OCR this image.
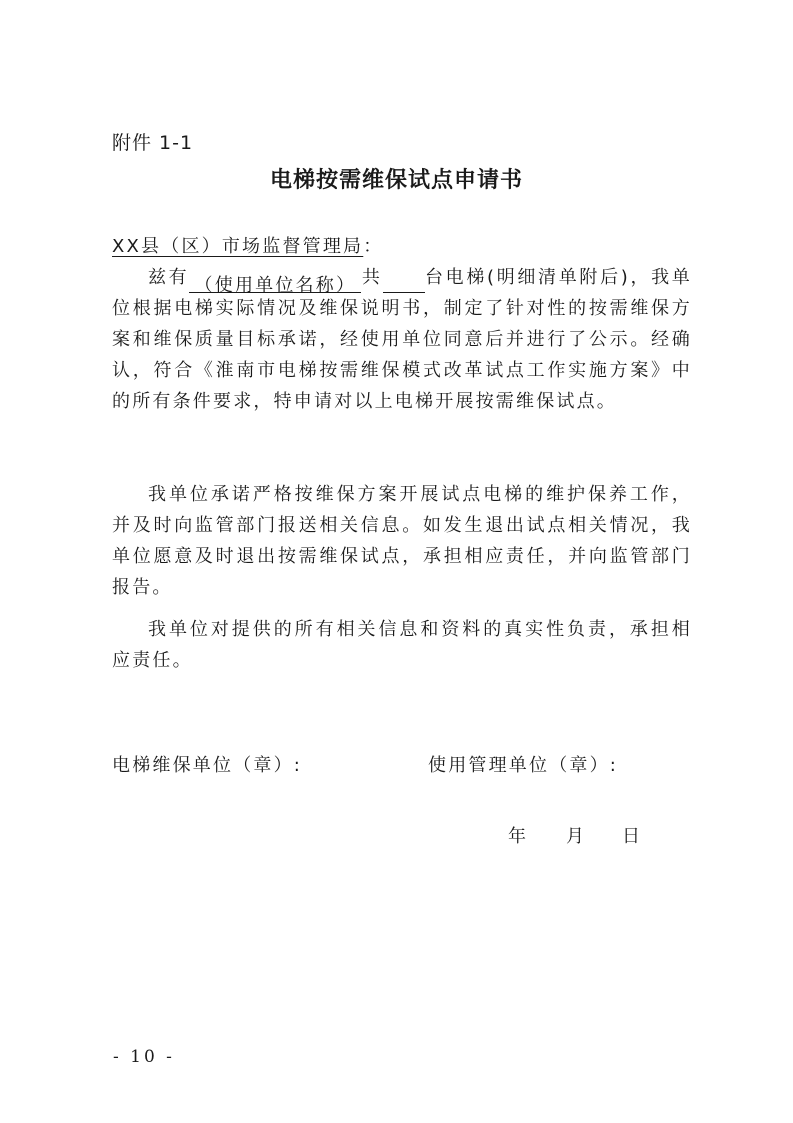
附件 1-1
电梯按需维保试点申请书
XX县（区）市场监督管理局：

兹有 （使用单位名称） 共 台电梯(明细清单附后)，我单位根据电梯实际情况及维保说明书，制定了针对性的按需维保方案和维保质量目标承诺，经使用单位同意后并进行了公示。经确认，符合《淮南市电梯按需维保模式改革试点工作实施方案》中的所有条件要求，特申请对以上电梯开展按需维保试点。

我单位承诺严格按维保方案开展试点电梯的维护保养工作，并及时向监管部门报送相关信息。如发生退出试点相关情况，我单位愿意及时退出按需维保试点，承担相应责任，并向监管部门报告。

我单位对提供的所有相关信息和资料的真实性负责，承担相应责任。

电梯维保单位（章）:	使用管理单位（章）:
年 月 日
- 10 -
